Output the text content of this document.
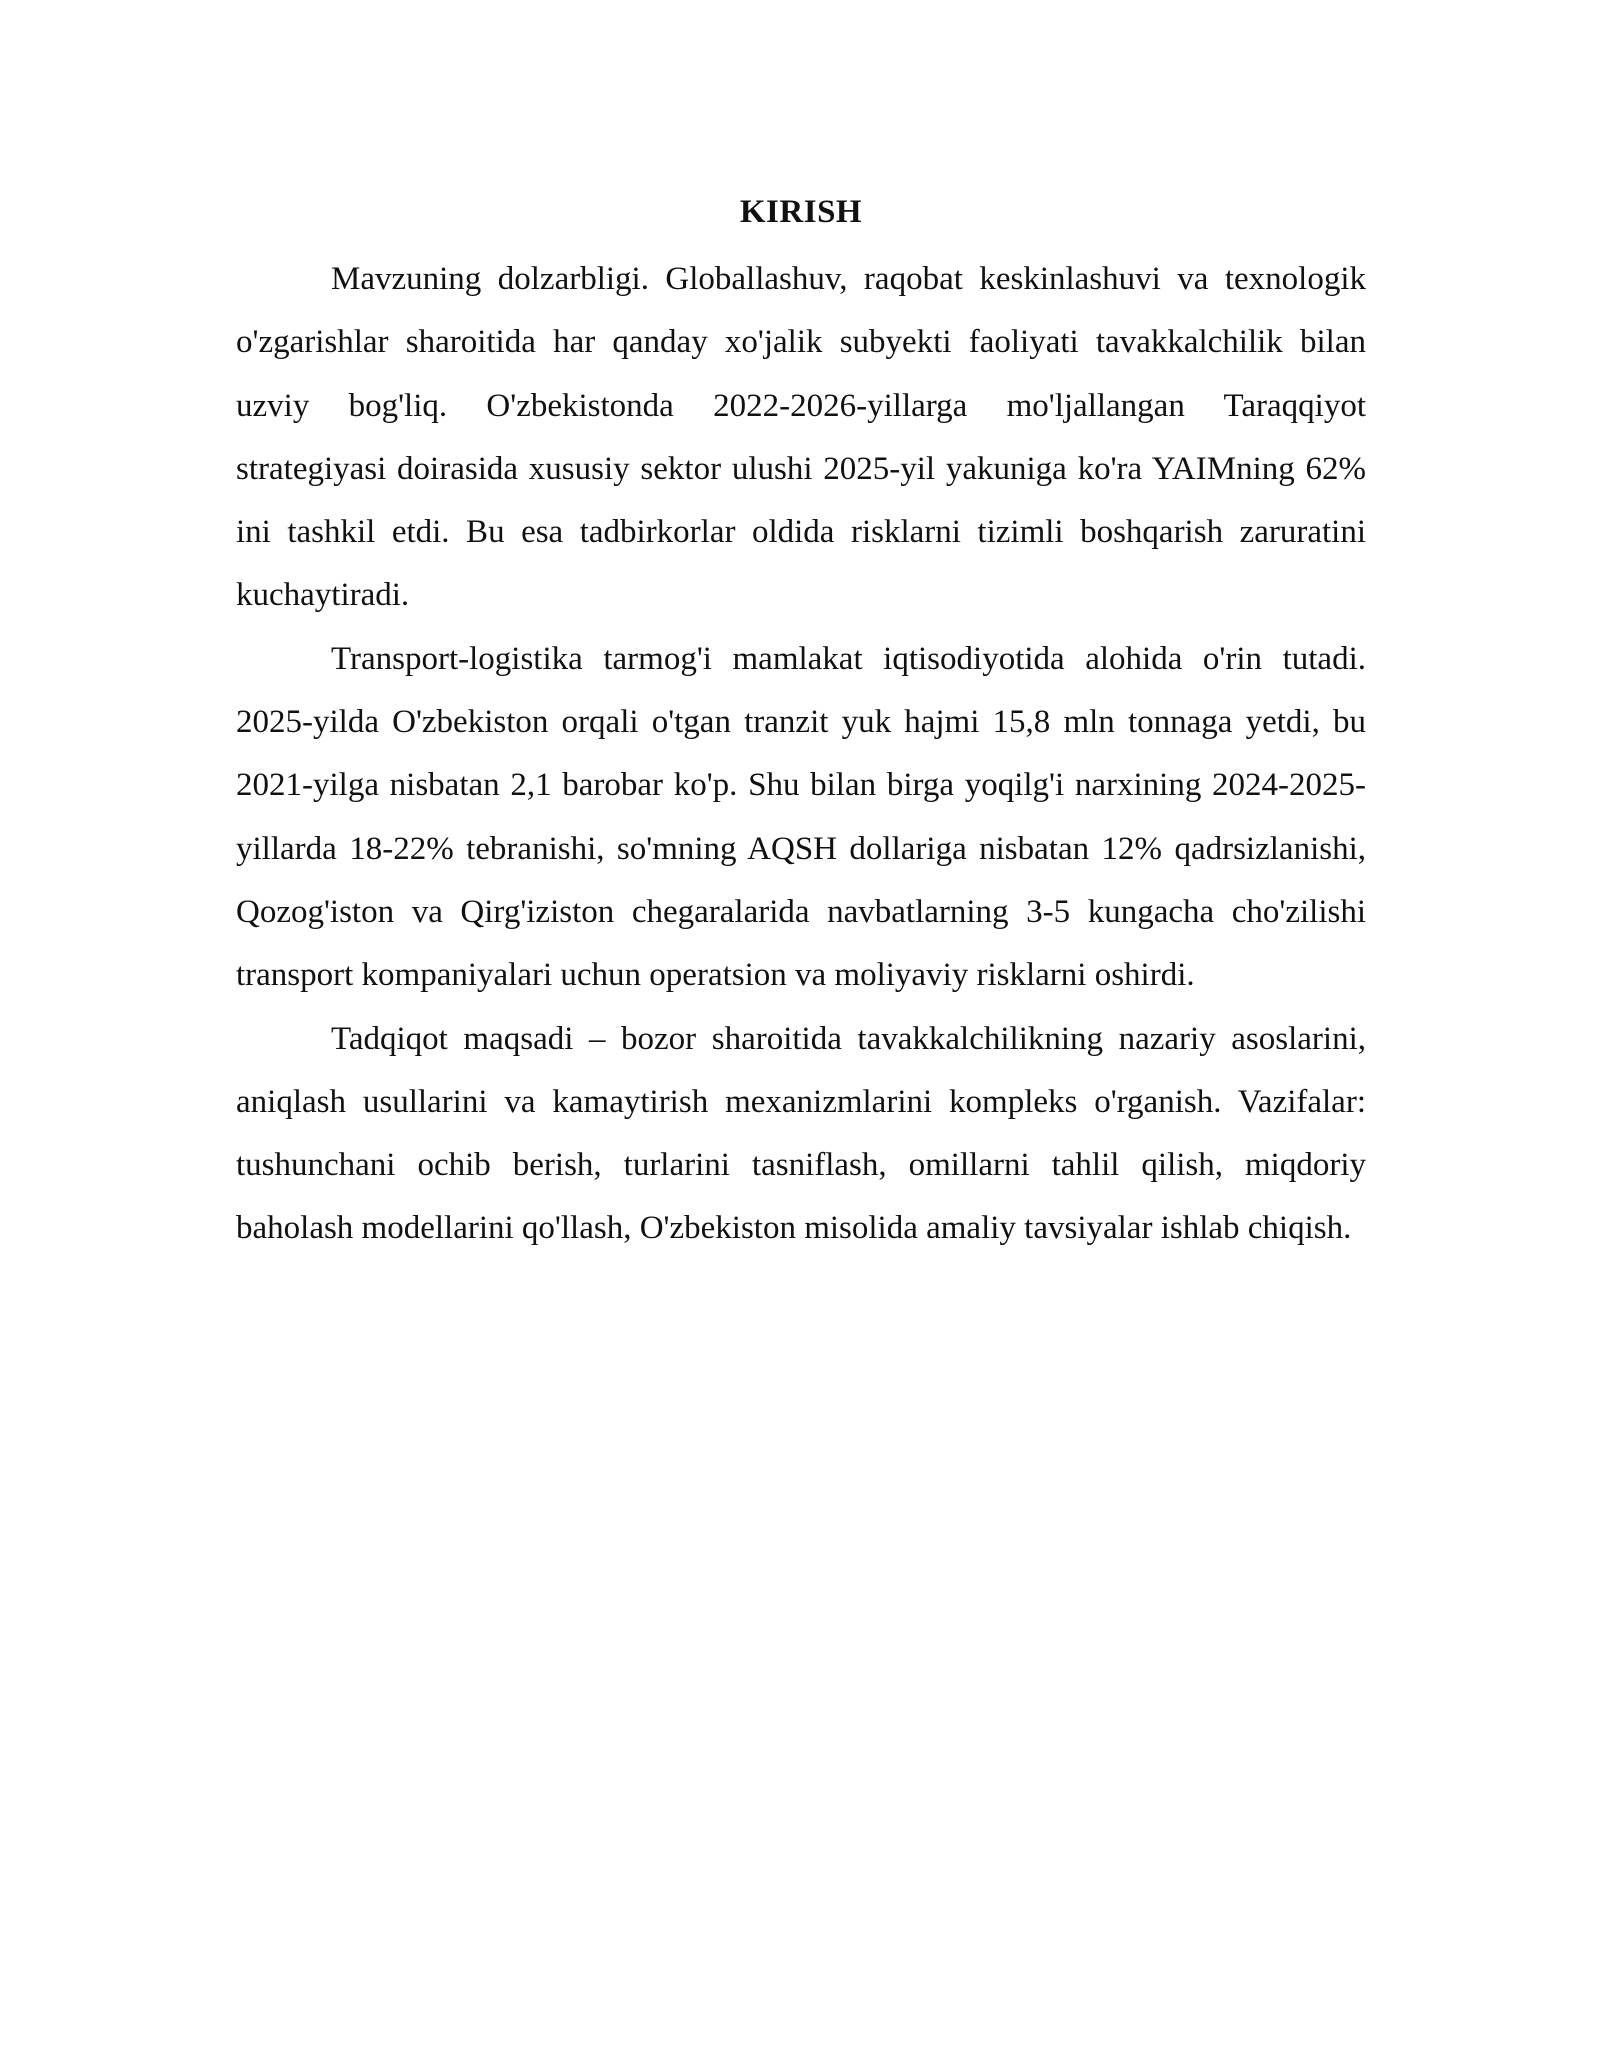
KIRISH

Mavzuning dolzarbligi. Globallashuv, raqobat keskinlashuvi va texnologik o'zgarishlar sharoitida har qanday xo'jalik subyekti faoliyati tavakkalchilik bilan uzviy bog'liq. O'zbekistonda 2022-2026-yillarga mo'ljallangan Taraqqiyot strategiyasi doirasida xususiy sektor ulushi 2025-yil yakuniga ko'ra YAIMning 62% ini tashkil etdi. Bu esa tadbirkorlar oldida risklarni tizimli boshqarish zaruratini kuchaytiradi.

Transport-logistika tarmog'i mamlakat iqtisodiyotida alohida o'rin tutadi. 2025-yilda O'zbekiston orqali o'tgan tranzit yuk hajmi 15,8 mln tonnaga yetdi, bu 2021-yilga nisbatan 2,1 barobar ko'p. Shu bilan birga yoqilg'i narxining 2024-2025-yillarda 18-22% tebranishi, so'mning AQSH dollariga nisbatan 12% qadrsizlanishi, Qozog'iston va Qirg'iziston chegaralarida navbatlarning 3-5 kungacha cho'zilishi transport kompaniyalari uchun operatsion va moliyaviy risklarni oshirdi.

Tadqiqot maqsadi – bozor sharoitida tavakkalchilikning nazariy asoslarini, aniqlash usullarini va kamaytirish mexanizmlarini kompleks o'rganish. Vazifalar: tushunchani ochib berish, turlarini tasniflash, omillarni tahlil qilish, miqdoriy baholash modellarini qo'llash, O'zbekiston misolida amaliy tavsiyalar ishlab chiqish.
